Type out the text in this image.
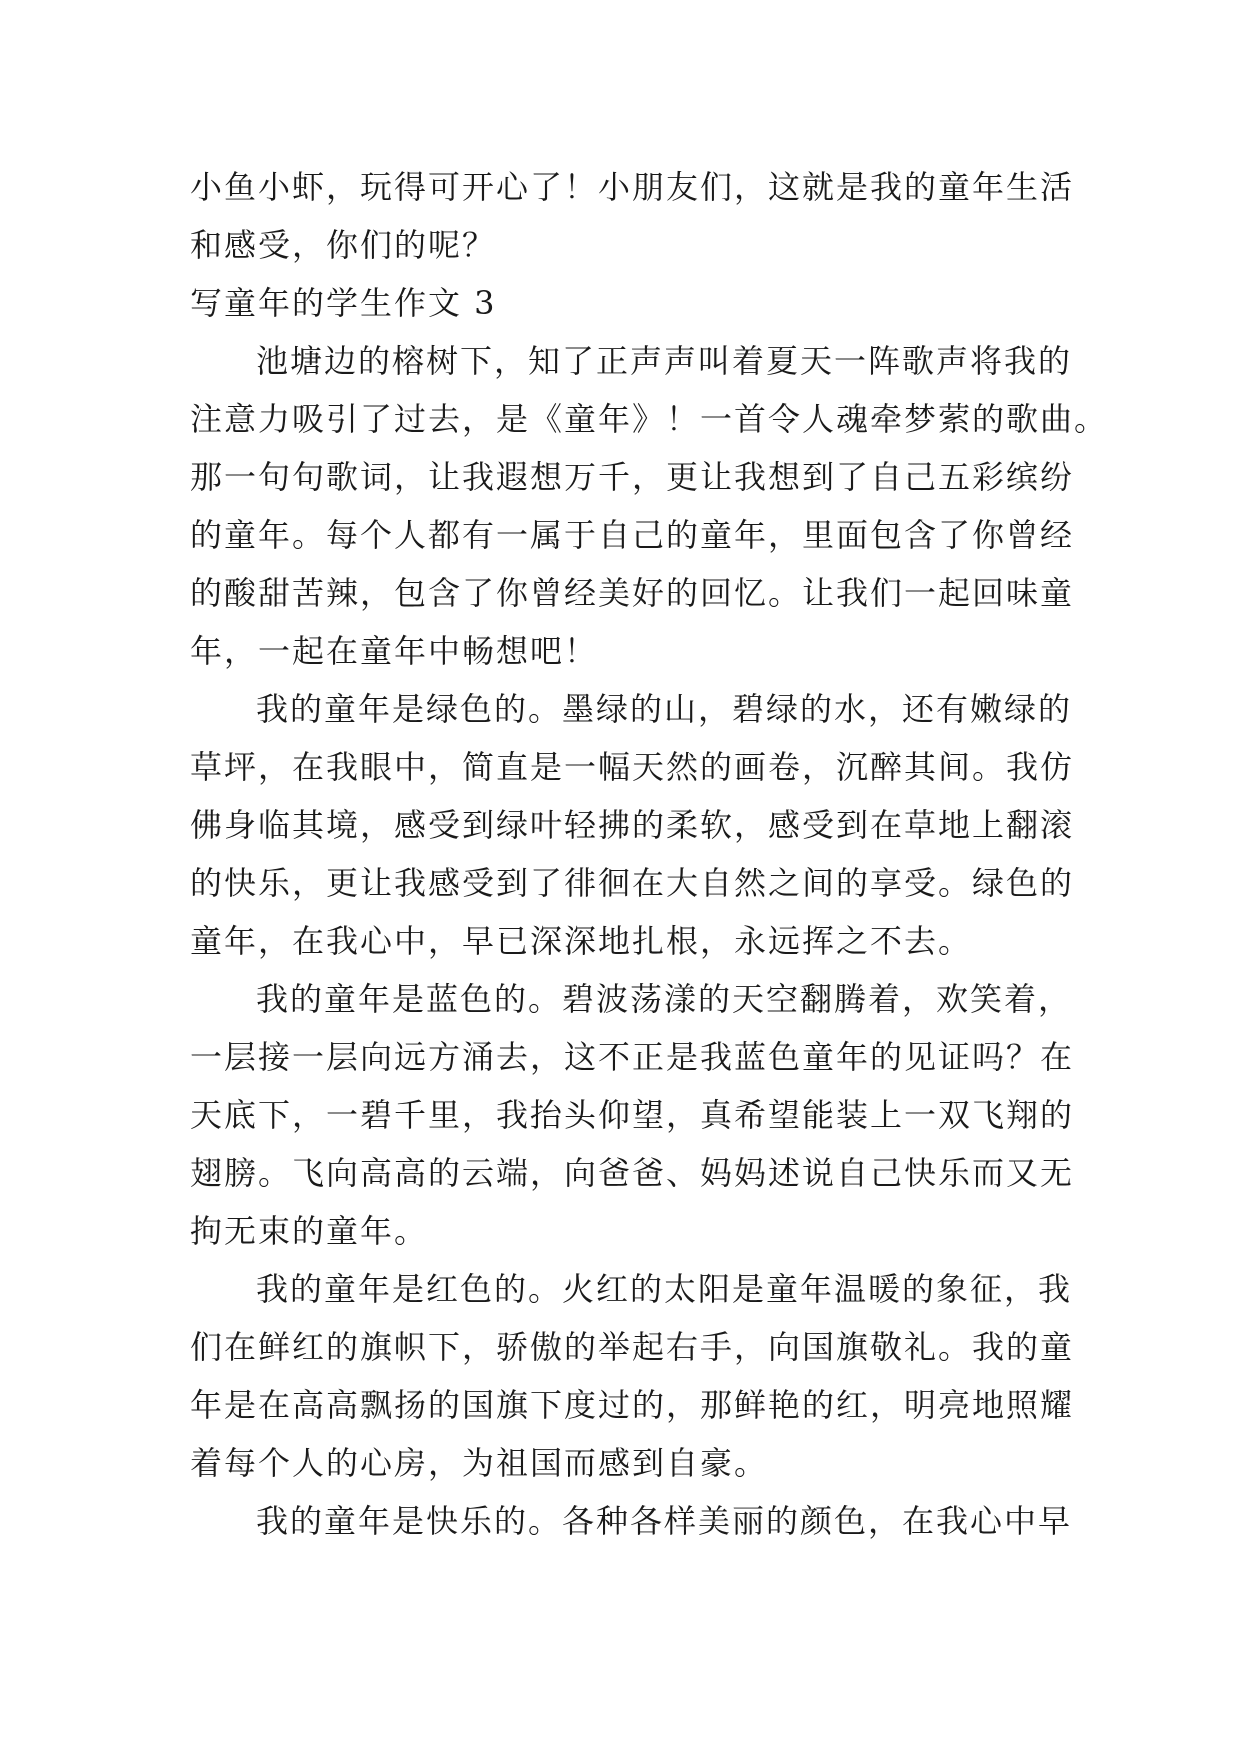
小鱼小虾，玩得可开心了！小朋友们，这就是我的童年生活
和感受，你们的呢？
写童年的学生作文 3
池塘边的榕树下，知了正声声叫着夏天一阵歌声将我的
注意力吸引了过去，是《童年》！一首令人魂牵梦萦的歌曲。
那一句句歌词，让我遐想万千，更让我想到了自己五彩缤纷
的童年。每个人都有一属于自己的童年，里面包含了你曾经
的酸甜苦辣，包含了你曾经美好的回忆。让我们一起回味童
年，一起在童年中畅想吧！
我的童年是绿色的。墨绿的山，碧绿的水，还有嫩绿的
草坪，在我眼中，简直是一幅天然的画卷，沉醉其间。我仿
佛身临其境，感受到绿叶轻拂的柔软，感受到在草地上翻滚
的快乐，更让我感受到了徘徊在大自然之间的享受。绿色的
童年，在我心中，早已深深地扎根，永远挥之不去。
我的童年是蓝色的。碧波荡漾的天空翻腾着，欢笑着，
一层接一层向远方涌去，这不正是我蓝色童年的见证吗？在
天底下，一碧千里，我抬头仰望，真希望能装上一双飞翔的
翅膀。飞向高高的云端，向爸爸、妈妈述说自己快乐而又无
拘无束的童年。
我的童年是红色的。火红的太阳是童年温暖的象征，我
们在鲜红的旗帜下，骄傲的举起右手，向国旗敬礼。我的童
年是在高高飘扬的国旗下度过的，那鲜艳的红，明亮地照耀
着每个人的心房，为祖国而感到自豪。
我的童年是快乐的。各种各样美丽的颜色，在我心中早
